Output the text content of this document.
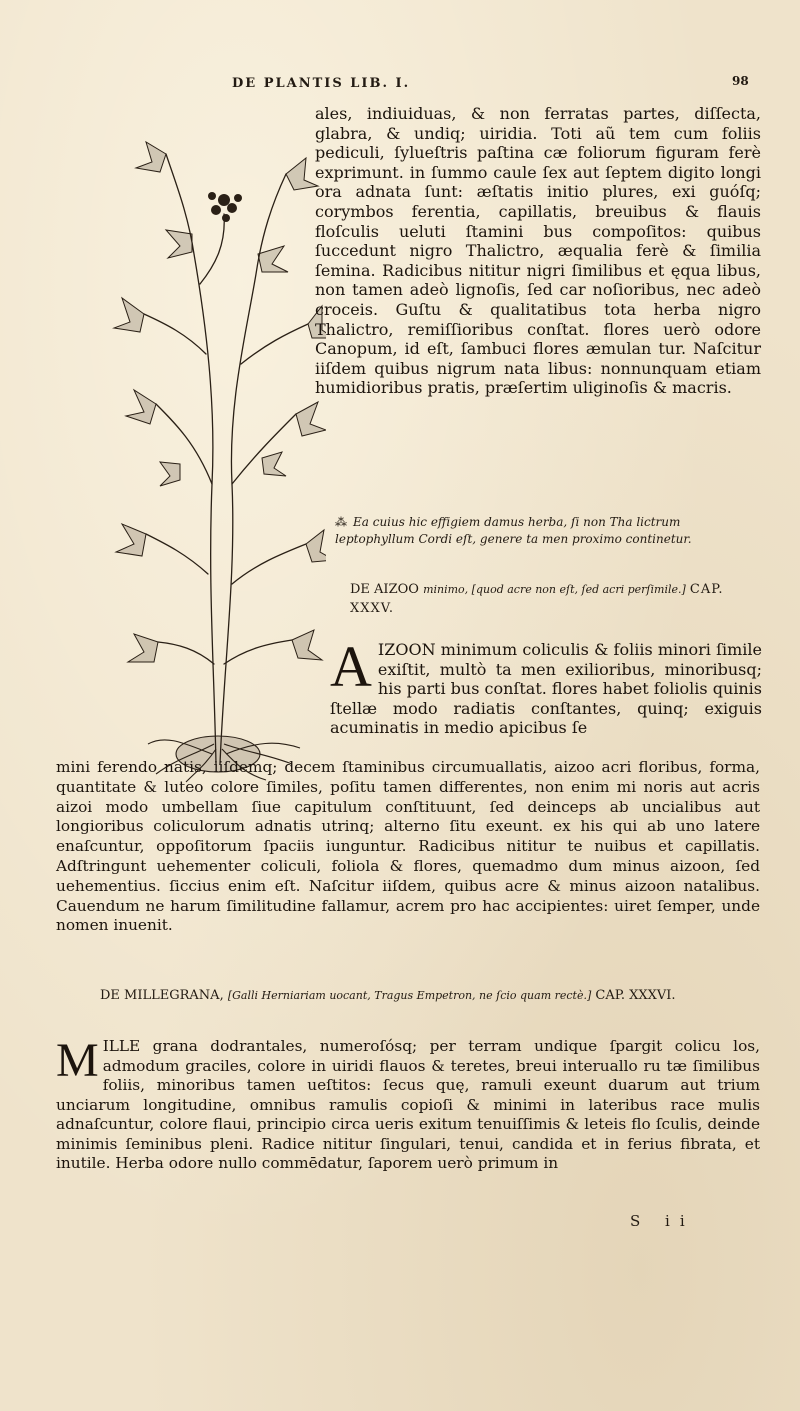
DE PLANTIS LIB. I.	98
ales, indiuiduas, & non ferratas partes, diſſecta, glabra, & undiq; uiridia. Toti aũ tem cum foliis pediculi, ſylueſtris paſtina cæ foliorum figuram ferè exprimunt. in ſummo caule ſex aut ſeptem digito longi ora adnata ſunt: æſtatis initio plures, exi guóſq; corymbos ferentia, capillatis, breuibus & flauis floſculis ueluti ſtamini bus compoſitos: quibus ſuccedunt nigro Thalictro, æqualia ferè & ſimilia ſemina. Radicibus nititur nigri ſimilibus et ęqua libus, non tamen adeò lignoſis, ſed car noſioribus, nec adeò croceis. Guſtu & qualitatibus tota herba nigro Thalictro, remiſſioribus conſtat. flores uerò odore Canopum, id eſt, ſambuci flores æmulan tur. Naſcitur iiſdem quibus nigrum nata libus: nonnunquam etiam humidioribus pratis, præſertim uliginoſis & macris.
⁂ Ea cuius hic effigiem damus herba, ſi non Tha lictrum leptophyllum Cordi eſt, genere ta men proximo continetur.
DE AIZOO minimo, [quod acre non eſt, ſed acri perſimile.] CAP. XXXV.
AIZOON minimum coliculis & foliis minori ſimile exiſtit, multò ta men exilioribus, minoribusq; his parti bus conſtat. flores habet foliolis quinis ſtellæ modo radiatis conſtantes, quinq; exiguis acuminatis in medio apicibus ſe
mini ferendo natis, iiſdemq; decem ſtaminibus circumuallatis, aizoo acri floribus, forma, quantitate & luteo colore ſimiles, poſitu tamen differentes, non enim mi noris aut acris aizoi modo umbellam ſiue capitulum conſtituunt, ſed deinceps ab uncialibus aut longioribus coliculorum adnatis utrinq; alterno ſitu exeunt. ex his qui ab uno latere enaſcuntur, oppoſitorum ſpaciis iunguntur. Radicibus nititur te nuibus et capillatis. Adſtringunt uehementer coliculi, foliola & flores, quemadmo dum minus aizoon, ſed uehementius. ſiccius enim eſt. Naſcitur iiſdem, quibus acre & minus aizoon natalibus. Cauendum ne harum ſimilitudine fallamur, acrem pro hac accipientes: uiret ſemper, unde nomen inuenit.
DE MILLEGRANA, [Galli Herniariam uocant, Tragus Empetron, ne ſcio quam rectè.] CAP. XXXVI.
MILLE grana dodrantales, numeroſósq; per terram undique ſpargit colicu los, admodum graciles, colore in uiridi flauos & teretes, breui interuallo ru tæ ſimilibus foliis, minoribus tamen ueſtitos: ſecus quę, ramuli exeunt duarum aut trium unciarum longitudine, omnibus ramulis copioſi & minimi in lateribus race mulis adnaſcuntur, colore flaui, principio circa ueris exitum tenuiſſimis & leteis flo ſculis, deinde minimis ſeminibus pleni. Radice nititur ſingulari, tenui, candida et in ferius fibrata, et inutile. Herba odore nullo commēdatur, ſaporem uerò primum in
S ii
